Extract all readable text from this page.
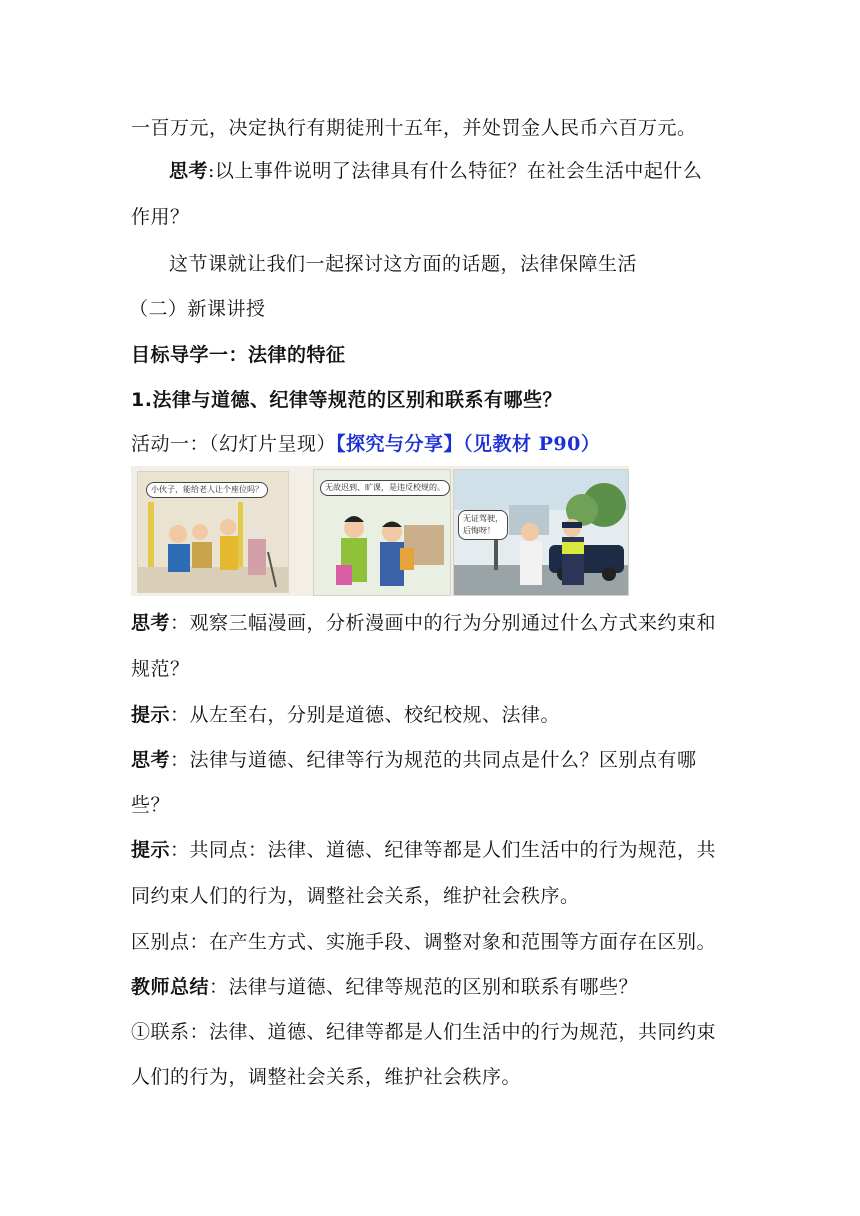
一百万元，决定执行有期徒刑十五年，并处罚金人民币六百万元。
思考:以上事件说明了法律具有什么特征？在社会生活中起什么
作用？
这节课就让我们一起探讨这方面的话题，法律保障生活
（二）新课讲授
目标导学一：法律的特征
1.法律与道德、纪律等规范的区别和联系有哪些？
活动一：（幻灯片呈现）【探究与分享】（见教材 P90）
小伙子，能给老人让个座位吗？	无故迟到、旷课，是违反校规的。
无证驾驶，
后悔呀！
思考：观察三幅漫画，分析漫画中的行为分别通过什么方式来约束和
规范？
提示：从左至右，分别是道德、校纪校规、法律。
思考：法律与道德、纪律等行为规范的共同点是什么？区别点有哪
些？
提示：共同点：法律、道德、纪律等都是人们生活中的行为规范，共
同约束人们的行为，调整社会关系，维护社会秩序。
区别点：在产生方式、实施手段、调整对象和范围等方面存在区别。
教师总结：法律与道德、纪律等规范的区别和联系有哪些？
①联系：法律、道德、纪律等都是人们生活中的行为规范，共同约束
人们的行为，调整社会关系，维护社会秩序。
